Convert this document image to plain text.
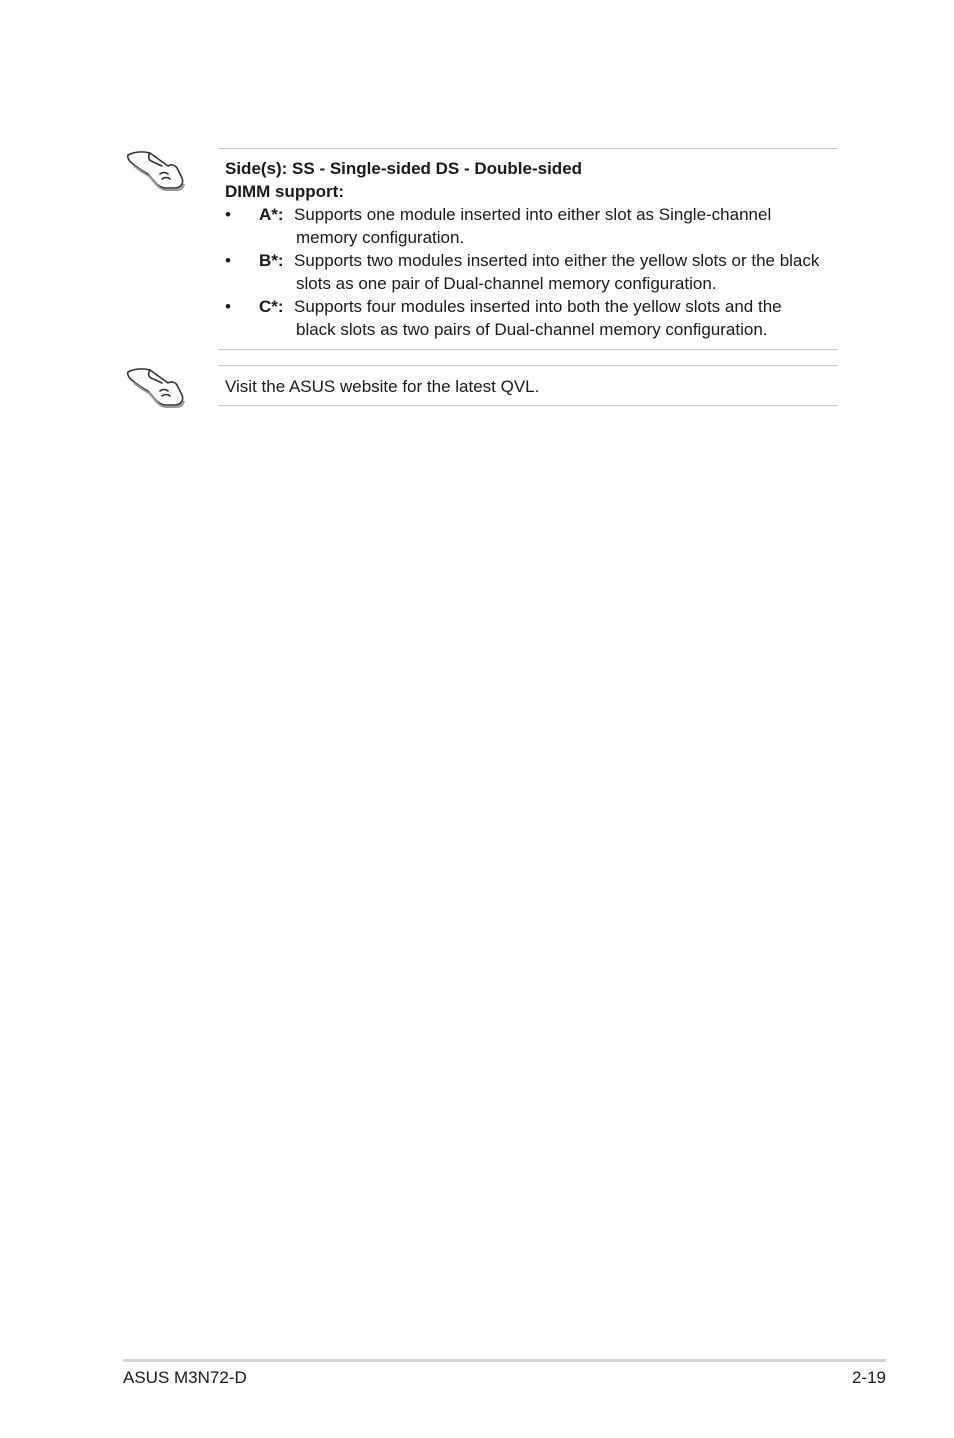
Side(s): SS - Single-sided DS - Double-sided
DIMM support:
• A*: Supports one module inserted into either slot as Single-channel
memory configuration.
• B*: Supports two modules inserted into either the yellow slots or the black
slots as one pair of Dual-channel memory configuration.
• C*: Supports four modules inserted into both the yellow slots and the
black slots as two pairs of Dual-channel memory configuration.
Visit the ASUS website for the latest QVL.
ASUS M3N72-D	2-19
